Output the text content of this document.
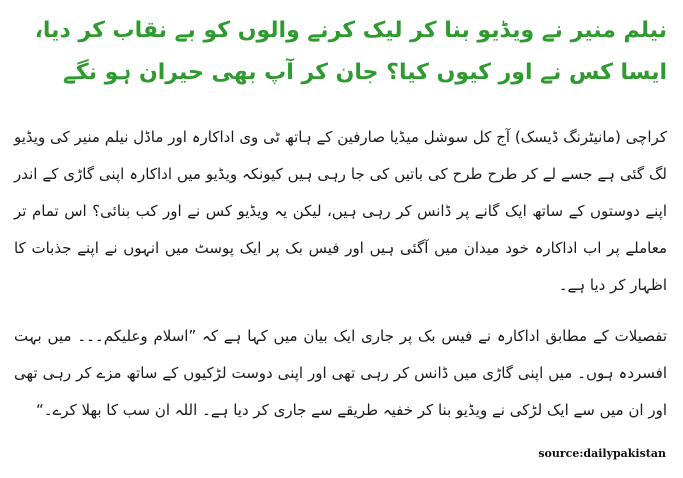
نیلم منیر نے ویڈیو بنا کر لیک کرنے والوں کو بے نقاب کر دیا، ایسا کس نے اور کیوں کیا؟ جان کر آپ بھی حیران ہو نگے

کراچی (مانیٹرنگ ڈیسک) آج کل سوشل میڈیا صارفین کے ہاتھ ٹی وی اداکارہ اور ماڈل نیلم منیر کی ویڈیو لگ گئی ہے جسے لے کر طرح طرح کی باتیں کی جا رہی ہیں کیونکہ ویڈیو میں اداکارہ اپنی گاڑی کے اندر اپنے دوستوں کے ساتھ ایک گانے پر ڈانس کر رہی ہیں، لیکن یہ ویڈیو کس نے اور کب بنائی؟ اس تمام تر معاملے پر اب اداکارہ خود میدان میں آگئی ہیں اور فیس بک پر ایک پوسٹ میں انہوں نے اپنے جذبات کا اظہار کر دیا ہے۔

تفصیلات کے مطابق اداکارہ نے فیس بک پر جاری ایک بیان میں کہا ہے کہ ”اسلام وعلیکم۔۔۔ میں بہت افسردہ ہوں۔ میں اپنی گاڑی میں ڈانس کر رہی تھی اور اپنی دوست لڑکیوں کے ساتھ مزے کر رہی تھی اور ان میں سے ایک لڑکی نے ویڈیو بنا کر خفیہ طریقے سے جاری کر دیا ہے۔ اللہ ان سب کا بھلا کرے۔“

source:dailypakistan
